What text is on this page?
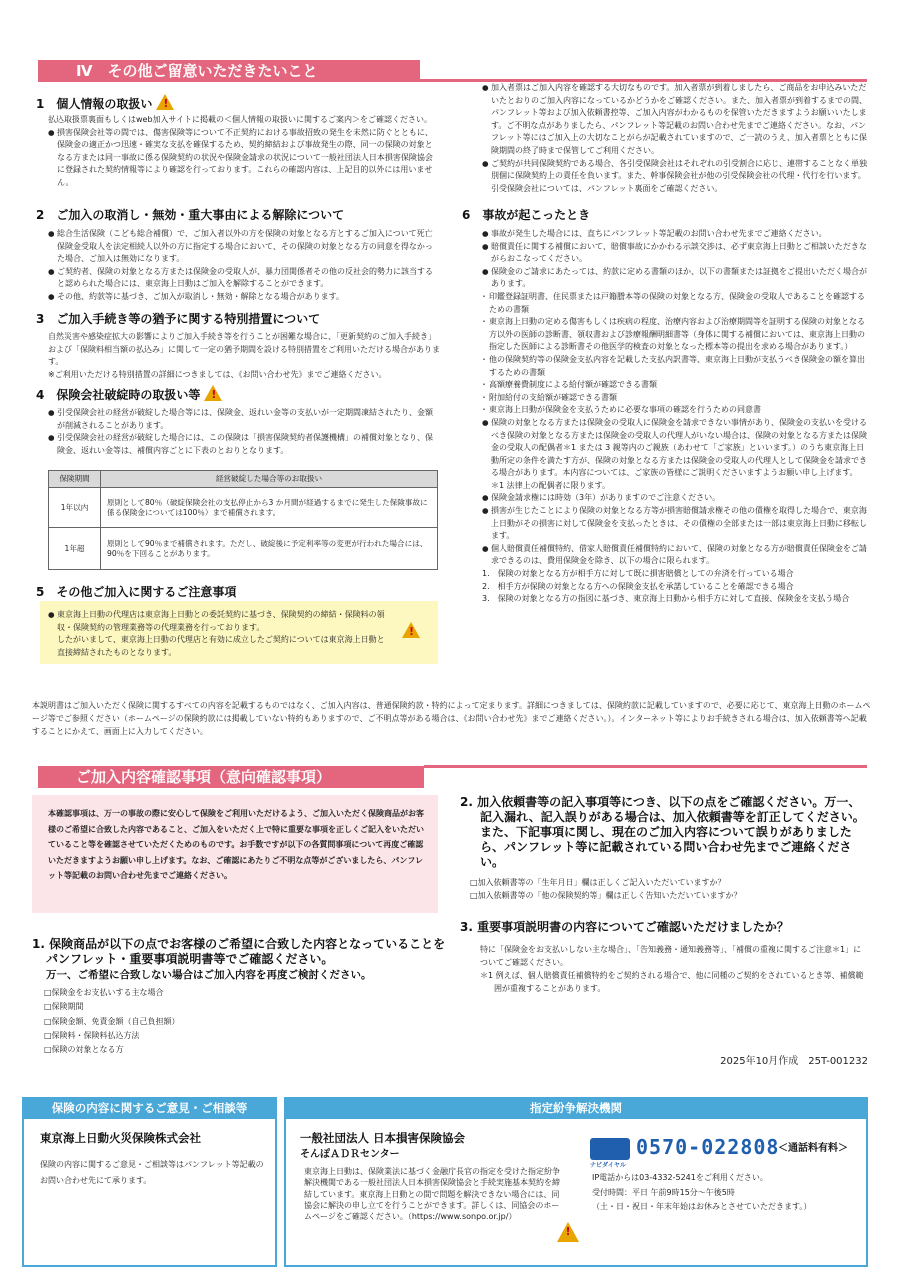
Ⅳ　その他ご留意いただきたいこと
1　個人情報の取扱い!
払込取扱票裏面もしくはweb加入サイトに掲載の＜個人情報の取扱いに関するご案内＞をご確認ください。
● 損害保険会社等の間では、傷害保険等について不正契約における事故招致の発生を未然に防ぐとともに、保険金の適正かつ迅速・確実な支払を確保するため、契約締結および事故発生の際、同一の保険の対象となる方または同一事故に係る保険契約の状況や保険金請求の状況について一般社団法人日本損害保険協会に登録された契約情報等により確認を行っております。これらの確認内容は、上記目的以外には用いません。
2　ご加入の取消し・無効・重大事由による解除について
● 総合生活保険（こども総合補償）で、ご加入者以外の方を保険の対象となる方とするご加入について死亡保険金受取人を法定相続人以外の方に指定する場合において、その保険の対象となる方の同意を得なかった場合、ご加入は無効になります。
● ご契約者、保険の対象となる方または保険金の受取人が、暴力団関係者その他の反社会的勢力に該当すると認められた場合には、東京海上日動はご加入を解除することができます。
● その他、約款等に基づき、ご加入が取消し・無効・解除となる場合があります。
3　ご加入手続き等の猶予に関する特別措置について
自然災害や感染症拡大の影響によりご加入手続き等を行うことが困難な場合に、「更新契約のご加入手続き」および「保険料相当額の払込み」に関して一定の猶予期間を設ける特別措置をご利用いただける場合があります。
※ご利用いただける特別措置の詳細につきましては、《お問い合わせ先》までご連絡ください。
4　保険会社破綻時の取扱い等!
● 引受保険会社の経営が破綻した場合等には、保険金、返れい金等の支払いが一定期間凍結されたり、金額が削減されることがあります。
● 引受保険会社の経営が破綻した場合には、この保険は「損害保険契約者保護機構」の補償対象となり、保険金、返れい金等は、補償内容ごとに下表のとおりとなります。
保険期間	経営破綻した場合等のお取扱い
1年以内	原則として80％（破綻保険会社の支払停止から3 か月間が経過するまでに発生した保険事故に係る保険金については100％）まで補償されます。
1年超	原則として90％まで補償されます。ただし、破綻後に予定利率等の変更が行われた場合には、90％を下回ることがあります。
5　その他ご加入に関するご注意事項
● 東京海上日動の代理店は東京海上日動との委託契約に基づき、保険契約の締結・保険料の領収・保険契約の管理業務等の代理業務を行っております。
したがいまして、東京海上日動の代理店と有効に成立したご契約については東京海上日動と直接締結されたものとなります。
!
● 加入者票はご加入内容を確認する大切なものです。加入者票が到着しましたら、ご商品をお申込みいただいたとおりのご加入内容になっているかどうかをご確認ください。また、加入者票が到着するまでの間、パンフレット等および加入依頼書控等、ご加入内容がわかるものを保管いただきますようお願いいたします。ご不明な点がありましたら、パンフレット等記載のお問い合わせ先までご連絡ください。なお、パンフレット等にはご加入上の大切なことがらが記載されていますので、ご一読のうえ、加入者票とともに保険期間の終了時まで保管してご利用ください。
● ご契約が共同保険契約である場合、各引受保険会社はそれぞれの引受割合に応じ、連帯することなく単独別個に保険契約上の責任を負います。また、幹事保険会社が他の引受保険会社の代理・代行を行います。引受保険会社については、パンフレット裏面をご確認ください。
6　事故が起こったとき
● 事故が発生した場合には、直ちにパンフレット等記載のお問い合わせ先までご連絡ください。
● 賠償責任に関する補償において、賠償事故にかかわる示談交渉は、必ず東京海上日動とご相談いただきながらおこなってください。
● 保険金のご請求にあたっては、約款に定める書類のほか、以下の書類または証拠をご提出いただく場合があります。
・ 印鑑登録証明書、住民票または戸籍謄本等の保険の対象となる方、保険金の受取人であることを確認するための書類
・ 東京海上日動の定める傷害もしくは疾病の程度、治療内容および治療期間等を証明する保険の対象となる方以外の医師の診断書、領収書および診療報酬明細書等（身体に関する補償においては、東京海上日動の指定した医師による診断書その他医学的検査の対象となった標本等の提出を求める場合があります。）
・ 他の保険契約等の保険金支払内容を記載した支払内訳書等、東京海上日動が支払うべき保険金の額を算出するための書類
・ 高額療養費制度による給付額が確認できる書類
・ 附加給付の支給額が確認できる書類
・ 東京海上日動が保険金を支払うために必要な事項の確認を行うための同意書
● 保険の対象となる方または保険金の受取人に保険金を請求できない事情があり、保険金の支払いを受けるべき保険の対象となる方または保険金の受取人の代理人がいない場合は、保険の対象となる方または保険金の受取人の配偶者＊1 または 3 親等内のご親族（あわせて「ご家族」といいます。）のうち東京海上日動所定の条件を満たす方が、保険の対象となる方または保険金の受取人の代理人として保険金を請求できる場合があります。本内容については、ご家族の皆様にご説明くださいますようお願い申し上げます。
＊1 法律上の配偶者に限ります。
● 保険金請求権には時効（3年）がありますのでご注意ください。
● 損害が生じたことにより保険の対象となる方等が損害賠償請求権その他の債権を取得した場合で、東京海上日動がその損害に対して保険金を支払ったときは、その債権の全部または一部は東京海上日動に移転します。
● 個人賠償責任補償特約、借家人賠償責任補償特約において、保険の対象となる方が賠償責任保険金をご請求できるのは、費用保険金を除き、以下の場合に限られます。
1.　保険の対象となる方が相手方に対して既に損害賠償としての弁済を行っている場合
2.　相手方が保険の対象となる方への保険金支払を承諾していることを確認できる場合
3.　保険の対象となる方の指図に基づき、東京海上日動から相手方に対して直接、保険金を支払う場合
本説明書はご加入いただく保険に関するすべての内容を記載するものではなく、ご加入内容は、普通保険約款・特約によって定まります。詳細につきましては、保険約款に記載していますので、必要に応じて、東京海上日動のホームページ等でご参照ください（ホームページの保険約款には掲載していない特約もありますので、ご不明点等がある場合は、《お問い合わせ先》までご連絡ください。）。インターネット等によりお手続きされる場合は、加入依頼書等へ記載することにかえて、画面上に入力してください。
ご加入内容確認事項（意向確認事項）
本確認事項は、万一の事故の際に安心して保険をご利用いただけるよう、ご加入いただく保険商品がお客様のご希望に合致した内容であること、ご加入をいただく上で特に重要な事項を正しくご記入をいただいていること等を確認させていただくためのものです。お手数ですが以下の各質問事項について再度ご確認いただきますようお願い申し上げます。なお、ご確認にあたりご不明な点等がございましたら、パンフレット等記載のお問い合わせ先までご連絡ください。
1. 保険商品が以下の点でお客様のご希望に合致した内容となっていることをパンフレット・重要事項説明書等でご確認ください。
万一、ご希望に合致しない場合はご加入内容を再度ご検討ください。
□保険金をお支払いする主な場合
□保険期間
□保険金額、免責金額（自己負担額）
□保険料・保険料払込方法
□保険の対象となる方
2. 加入依頼書等の記入事項等につき、以下の点をご確認ください。万一、記入漏れ、記入誤りがある場合は、加入依頼書等を訂正してください。また、下記事項に関し、現在のご加入内容について誤りがありましたら、パンフレット等に記載されている問い合わせ先までご連絡ください。
□加入依頼書等の「生年月日」欄は正しくご記入いただいていますか？
□加入依頼書等の「他の保険契約等」欄は正しく告知いただいていますか？
3. 重要事項説明書の内容についてご確認いただけましたか？
特に「保険金をお支払いしない主な場合」、「告知義務・通知義務等」、「補償の重複に関するご注意＊1」についてご確認ください。
＊1 例えば、個人賠償責任補償特約をご契約される場合で、他に同種のご契約をされているとき等、補償範囲が重複することがあります。
2025年10月作成　25T-001232
保険の内容に関するご意見・ご相談等
東京海上日動火災保険株式会社
保険の内容に関するご意見・ご相談等はパンフレット等記載のお問い合わせ先にて承ります。
指定紛争解決機関
一般社団法人 日本損害保険協会
そんぽＡＤＲセンター
東京海上日動は、保険業法に基づく金融庁長官の指定を受けた指定紛争解決機関である一般社団法人日本損害保険協会と手続実施基本契約を締結しています。東京海上日動との間で問題を解決できない場合には、同協会に解決の申し立てを行うことができます。詳しくは、同協会のホームページをご確認ください。（https://www.sonpo.or.jp/）
!
ナビダイヤル
0570-022808
＜通話料有料＞
IP電話からは03-4332-5241をご利用ください。
受付時間：平日 午前9時15分～午後5時
（土・日・祝日・年末年始はお休みとさせていただきます。）
